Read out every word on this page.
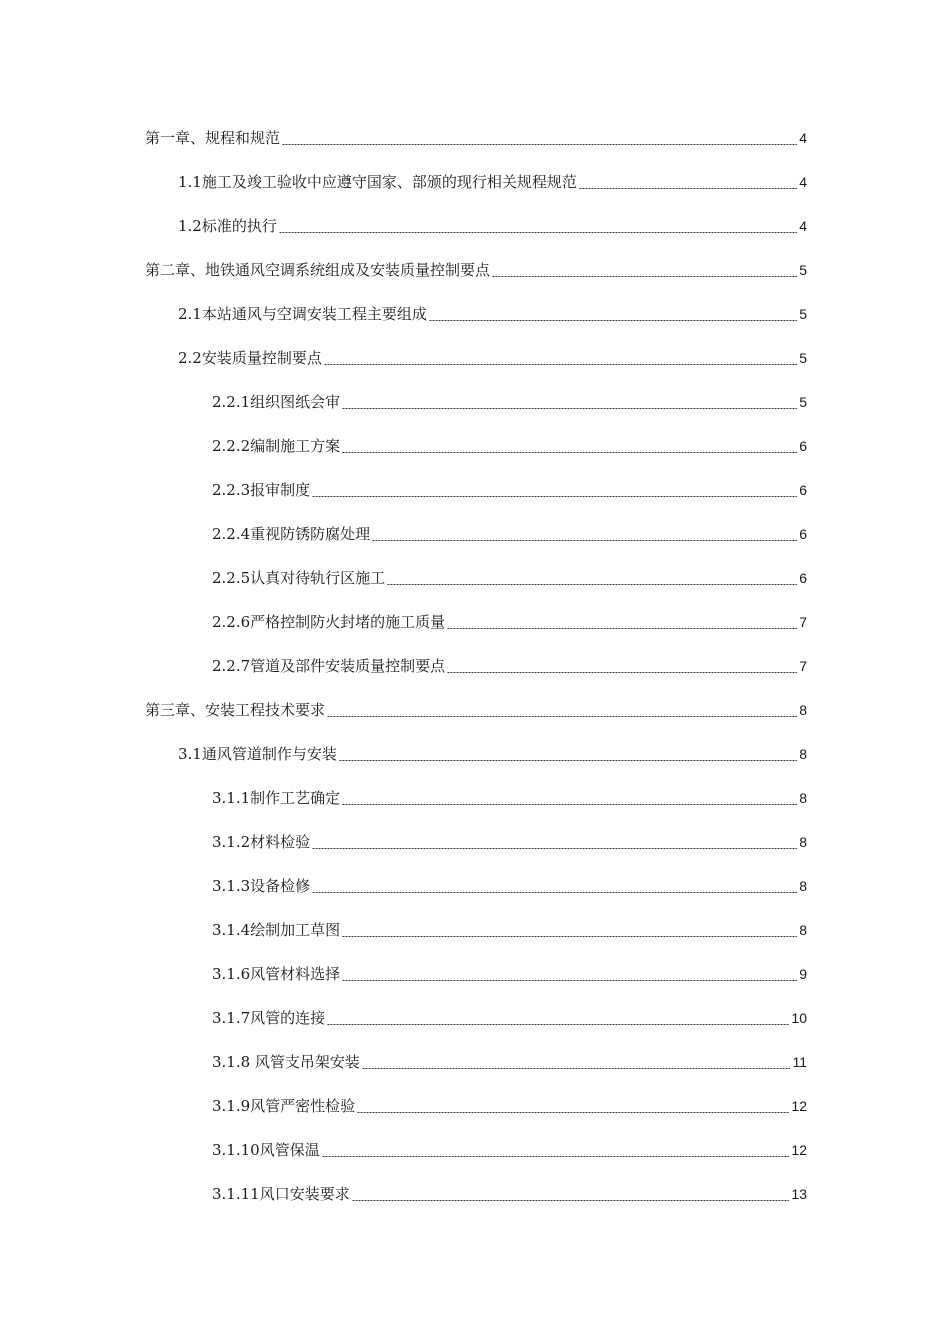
第一章、规程和规范	4
1.1施工及竣工验收中应遵守国家、部颁的现行相关规程规范	4
1.2标准的执行	4
第二章、地铁通风空调系统组成及安装质量控制要点	5
2.1本站通风与空调安装工程主要组成	5
2.2安装质量控制要点	5
2.2.1组织图纸会审	5
2.2.2编制施工方案	6
2.2.3报审制度	6
2.2.4重视防锈防腐处理	6
2.2.5认真对待轨行区施工	6
2.2.6严格控制防火封堵的施工质量	7
2.2.7管道及部件安装质量控制要点	7
第三章、安装工程技术要求	8
3.1通风管道制作与安装	8
3.1.1制作工艺确定	8
3.1.2材料检验	8
3.1.3设备检修	8
3.1.4绘制加工草图	8
3.1.6风管材料选择	9
3.1.7风管的连接	10
3.1.8 风管支吊架安装	11
3.1.9风管严密性检验	12
3.1.10风管保温	12
3.1.11风口安装要求	13
